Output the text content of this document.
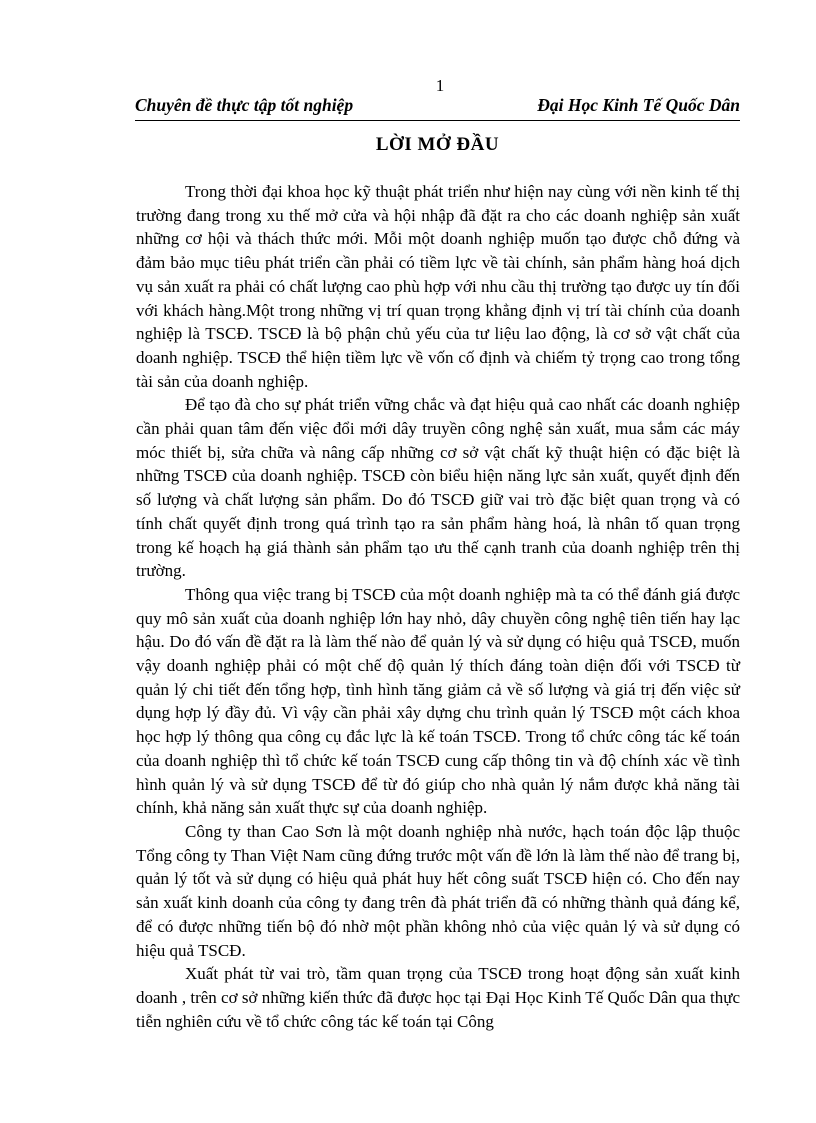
1
Chuyên đề thực tập tốt nghiệp	Đại Học Kinh Tế Quốc Dân
LỜI MỞ ĐẦU

Trong thời đại khoa học kỹ thuật phát triển như hiện nay cùng với nền kinh tế thị trường đang trong xu thế mở cửa và hội nhập đã đặt ra cho các doanh nghiệp sản xuất những cơ hội và thách thức mới. Mỗi một doanh nghiệp muốn tạo được chỗ đứng và đảm bảo mục tiêu phát triển cần phải có tiềm lực về tài chính, sản phẩm hàng hoá dịch vụ sản xuất ra phải có chất lượng cao phù hợp với nhu cầu thị trường tạo được uy tín đối với khách hàng.Một trong những vị trí quan trọng khẳng định vị trí tài chính của doanh nghiệp là TSCĐ. TSCĐ là bộ phận chủ yếu của tư liệu lao động, là cơ sở vật chất của doanh nghiệp. TSCĐ thể hiện tiềm lực về vốn cố định và chiếm tỷ trọng cao trong tổng tài sản của doanh nghiệp.

Để tạo đà cho sự phát triển vững chắc và đạt hiệu quả cao nhất các doanh nghiệp cần phải quan tâm đến việc đổi mới dây truyền công nghệ sản xuất, mua sắm các máy móc thiết bị, sửa chữa và nâng cấp những cơ sở vật chất kỹ thuật hiện có đặc biệt là những TSCĐ của doanh nghiệp. TSCĐ còn biểu hiện năng lực sản xuất, quyết định đến số lượng và chất lượng sản phẩm. Do đó TSCĐ giữ vai trò đặc biệt quan trọng và có tính chất quyết định trong quá trình tạo ra sản phẩm hàng hoá, là nhân tố quan trọng trong kế hoạch hạ giá thành sản phẩm tạo ưu thế cạnh tranh của doanh nghiệp trên thị trường.

Thông qua việc trang bị TSCĐ của một doanh nghiệp mà ta có thể đánh giá được quy mô sản xuất của doanh nghiệp lớn hay nhỏ, dây chuyền công nghệ tiên tiến hay lạc hậu. Do đó vấn đề đặt ra là làm thế nào để quản lý và sử dụng có hiệu quả TSCĐ, muốn vậy doanh nghiệp phải có một chế độ quản lý thích đáng toàn diện đối với TSCĐ từ quản lý chi tiết đến tổng hợp, tình hình tăng giảm cả về số lượng và giá trị đến việc sử dụng hợp lý đầy đủ. Vì vậy cần phải xây dựng chu trình quản lý TSCĐ một cách khoa học hợp lý thông qua công cụ đắc lực là kế toán TSCĐ. Trong tổ chức công tác kế toán của doanh nghiệp thì tổ chức kế toán TSCĐ cung cấp thông tin và độ chính xác về tình hình quản lý và sử dụng TSCĐ để từ đó giúp cho nhà quản lý nắm được khả năng tài chính, khả năng sản xuất thực sự của doanh nghiệp.

Công ty than Cao Sơn là một doanh nghiệp nhà nước, hạch toán độc lập thuộc Tổng công ty Than Việt Nam cũng đứng trước một vấn đề lớn là làm thế nào để trang bị, quản lý tốt và sử dụng có hiệu quả phát huy hết công suất TSCĐ hiện có. Cho đến nay sản xuất kinh doanh của công ty đang trên đà phát triển đã có những thành quả đáng kể, để có được những tiến bộ đó nhờ một phần không nhỏ của việc quản lý và sử dụng có hiệu quả TSCĐ.

Xuất phát từ vai trò, tầm quan trọng của TSCĐ trong hoạt động sản xuất kinh doanh , trên cơ sở những kiến thức đã được học tại Đại Học Kinh Tế Quốc Dân qua thực tiễn nghiên cứu về tổ chức công tác kế toán tại Công
